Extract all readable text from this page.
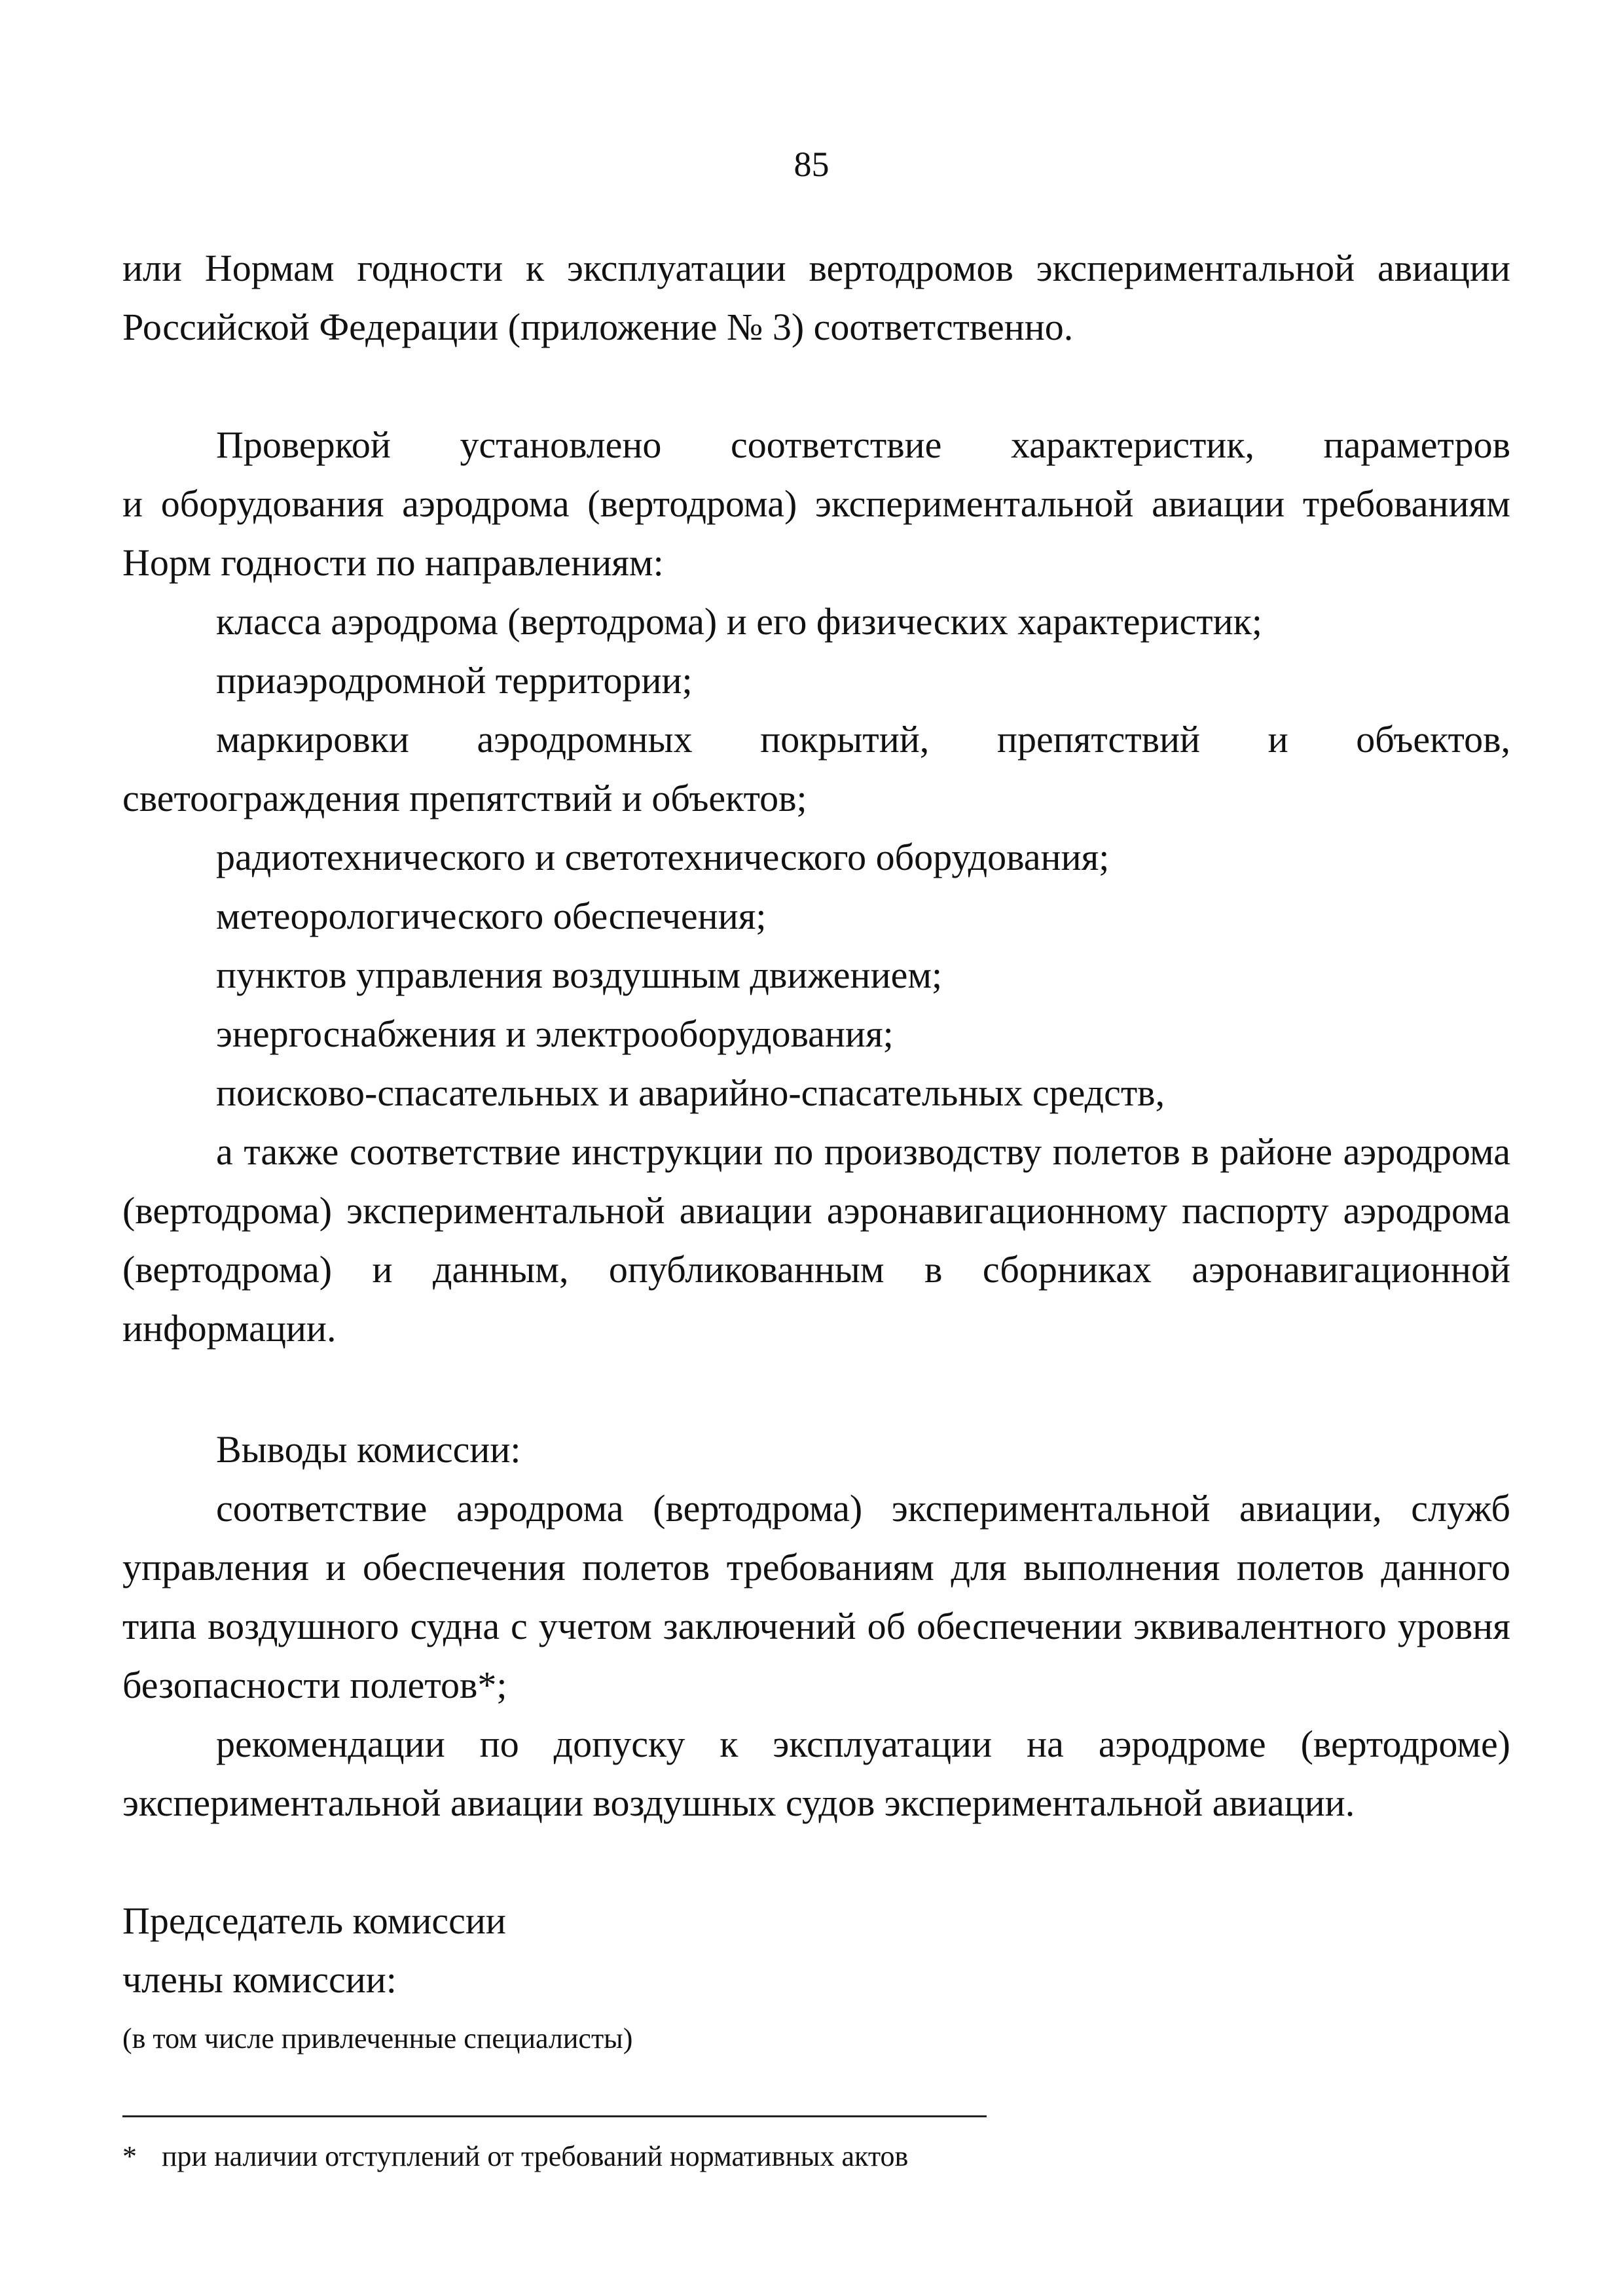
85
или Нормам годности к эксплуатации вертодромов экспериментальной авиации
Российской Федерации (приложение № 3) соответственно.
Проверкой установлено соответствие характеристик, параметров
и оборудования аэродрома (вертодрома) экспериментальной авиации требованиям
Норм годности по направлениям:
класса аэродрома (вертодрома) и его физических характеристик;
приаэродромной территории;
маркировки аэродромных покрытий, препятствий и объектов,
светоограждения препятствий и объектов;
радиотехнического и светотехнического оборудования;
метеорологического обеспечения;
пунктов управления воздушным движением;
энергоснабжения и электрооборудования;
поисково-спасательных и аварийно-спасательных средств,
а также соответствие инструкции по производству полетов в районе аэродрома
(вертодрома) экспериментальной авиации аэронавигационному паспорту аэродрома
(вертодрома) и данным, опубликованным в сборниках аэронавигационной
информации.
Выводы комиссии:
соответствие аэродрома (вертодрома) экспериментальной авиации, служб
управления и обеспечения полетов требованиям для выполнения полетов данного
типа воздушного судна с учетом заключений об обеспечении эквивалентного уровня
безопасности полетов*;
рекомендации по допуску к эксплуатации на аэродроме (вертодроме)
экспериментальной авиации воздушных судов экспериментальной авиации.
Председатель комиссии
члены комиссии:
(в том числе привлеченные специалисты)
* при наличии отступлений от требований нормативных актов
